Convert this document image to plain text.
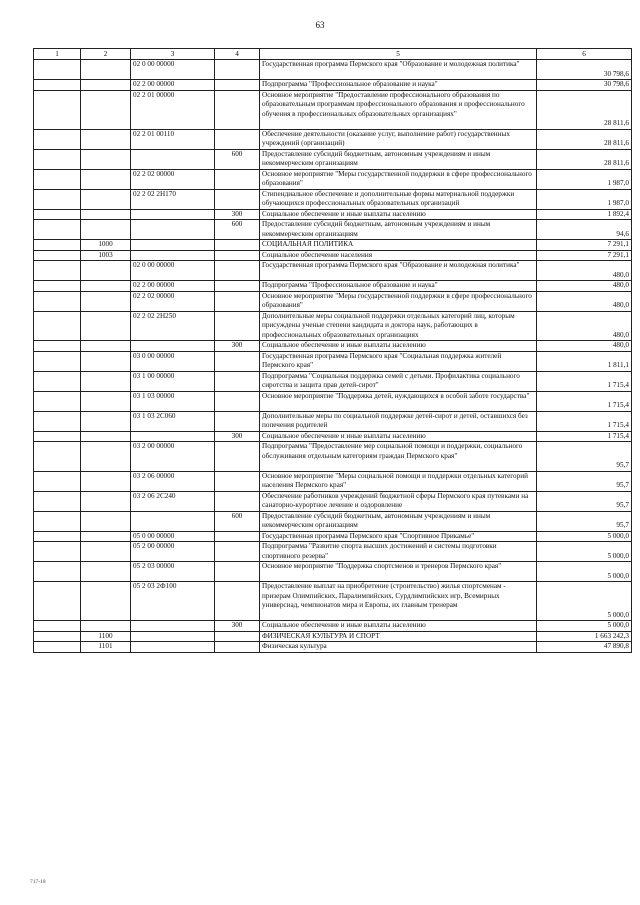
63
1	2	3	4	5	6
		02 0 00 00000		Государственная программа Пермского края "Образование и молодежная политика"	30 798,6
		02 2 00 00000		Подпрограмма "Профессиональное образование и наука"	30 798,6
		02 2 01 00000		Основное мероприятие "Предоставление профессионального образования по образовательным программам профессионального образования и профессионального обучения в профессиональных образовательных организациях"	28 811,6
		02 2 01 00110		Обеспечение деятельности (оказание услуг, выполнение работ) государственных учреждений (организаций)	28 811,6
			600	Предоставление субсидий бюджетным, автономным учреждениям и иным некоммерческим организациям	28 811,6
		02 2 02 00000		Основное мероприятие "Меры государственной поддержки в сфере профессионального образования"	1 987,0
		02 2 02 2Н170		Стипендиальное обеспечение и дополнительные формы материальной поддержки обучающихся профессиональных образовательных организаций	1 987,0
			300	Социальное обеспечение и иные выплаты населению	1 892,4
			600	Предоставление субсидий бюджетным, автономным учреждениям и иным некоммерческим организациям	94,6
	1000			СОЦИАЛЬНАЯ ПОЛИТИКА	7 291,1
	1003			Социальное обеспечение населения	7 291,1
		02 0 00 00000		Государственная программа Пермского края "Образование и молодежная политика"	480,0
		02 2 00 00000		Подпрограмма "Профессиональное образование и наука"	480,0
		02 2 02 00000		Основное мероприятие "Меры государственной поддержки в сфере профессионального образования"	480,0
		02 2 02 2Н250		Дополнительные меры социальной поддержки отдельных категорий лиц, которым присуждены ученые степени кандидата и доктора наук, работающих в профессиональных образовательных организациях	480,0
			300	Социальное обеспечение и иные выплаты населению	480,0
		03 0 00 00000		Государственная программа Пермского края "Социальная поддержка жителей Пермского края"	1 811,1
		03 1 00 00000		Подпрограмма "Социальная поддержка семей с детьми. Профилактика социального сиротства и защита прав детей-сирот"	1 715,4
		03 1 03 00000		Основное мероприятие "Поддержка детей, нуждающихся в особой заботе государства"	1 715,4
		03 1 03 2С060		Дополнительные меры по социальной поддержке детей-сирот и детей, оставшихся без попечения родителей	1 715,4
			300	Социальное обеспечение и иные выплаты населению	1 715,4
		03 2 00 00000		Подпрограмма "Предоставление мер социальной помощи и поддержки, социального обслуживания отдельным категориям граждан Пермского края"	95,7
		03 2 06 00000		Основное мероприятие "Меры социальной помощи и поддержки отдельных категорий населения Пермского края"	95,7
		03 2 06 2С240		Обеспечение работников учреждений бюджетной сферы Пермского края путевками на санаторно-курортное лечение и оздоровление	95,7
			600	Предоставление субсидий бюджетным, автономным учреждениям и иным некоммерческим организациям	95,7
		05 0 00 00000		Государственная программа Пермского края "Спортивное Прикамье"	5 000,0
		05 2 00 00000		Подпрограмма "Развитие спорта высших достижений и системы подготовки спортивного резерва"	5 000,0
		05 2 03 00000		Основное мероприятие "Поддержка спортсменов и тренеров Пермского края"	5 000,0
		05 2 03 2Ф100		Предоставление выплат на приобретение (строительство) жилья спортсменам - призерам Олимпийских, Паралимпийских, Сурдлимпийских игр, Всемирных универсиад, чемпионатов мира и Европы, их главным тренерам	5 000,0
			300	Социальное обеспечение и иные выплаты населению	5 000,0
	1100			ФИЗИЧЕСКАЯ КУЛЬТУРА И СПОРТ	1 663 242,3
	1101			Физическая культура	47 890,8
717-18
